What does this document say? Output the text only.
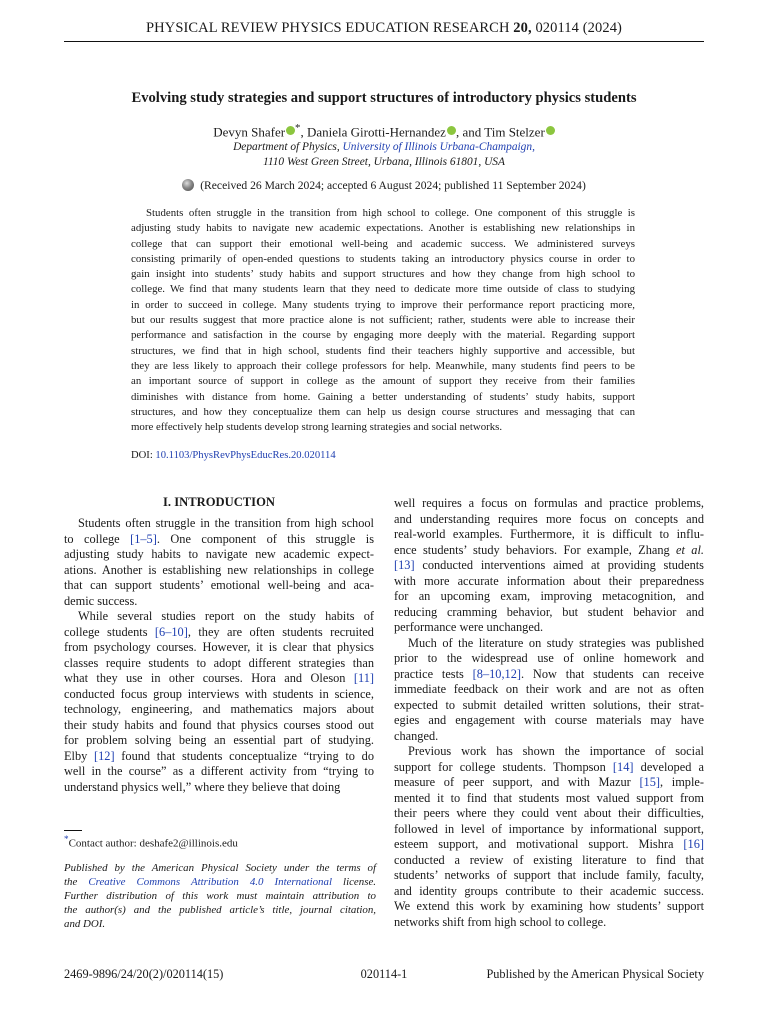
PHYSICAL REVIEW PHYSICS EDUCATION RESEARCH 20, 020114 (2024)
Evolving study strategies and support structures of introductory physics students
Devyn Shafer *, Daniela Girotti-Hernandez , and Tim Stelzer
Department of Physics, University of Illinois Urbana-Champaign,
1110 West Green Street, Urbana, Illinois 61801, USA
(Received 26 March 2024; accepted 6 August 2024; published 11 September 2024)
Students often struggle in the transition from high school to college. One component of this struggle is
adjusting study habits to navigate new academic expectations. Another is establishing new relationships in
college that can support their emotional well-being and academic success. We administered surveys
consisting primarily of open-ended questions to students taking an introductory physics course in order to
gain insight into students’ study habits and support structures and how they change from high school to
college. We find that many students learn that they need to dedicate more time outside of class to studying
in order to succeed in college. Many students trying to improve their performance report practicing more,
but our results suggest that more practice alone is not sufficient; rather, students were able to increase their
performance and satisfaction in the course by engaging more deeply with the material. Regarding support
structures, we find that in high school, students find their teachers highly supportive and accessible, but
they are less likely to approach their college professors for help. Meanwhile, many students find peers to be
an important source of support in college as the amount of support they receive from their families
diminishes with distance from home. Gaining a better understanding of students’ study habits, support
structures, and how they conceptualize them can help us design course structures and messaging that can
more effectively help students develop strong learning strategies and social networks.
DOI: 10.1103/PhysRevPhysEducRes.20.020114
I. INTRODUCTION
Students often struggle in the transition from high school
to college [1–5]. One component of this struggle is
adjusting study habits to navigate new academic expect-
ations. Another is establishing new relationships in college
that can support students’ emotional well-being and aca-
demic success.
While several studies report on the study habits of
college students [6–10], they are often students recruited
from psychology courses. However, it is clear that physics
classes require students to adopt different strategies than
what they use in other courses. Hora and Oleson [11]
conducted focus group interviews with students in science,
technology, engineering, and mathematics majors about
their study habits and found that physics courses stood out
for problem solving being an essential part of studying.
Elby [12] found that students conceptualize “trying to do
well in the course” as a different activity from “trying to
understand physics well,” where they believe that doing
well requires a focus on formulas and practice problems,
and understanding requires more focus on concepts and
real-world examples. Furthermore, it is difficult to influ-
ence students’ study behaviors. For example, Zhang et al.
[13] conducted interventions aimed at providing students
with more accurate information about their preparedness
for an upcoming exam, improving metacognition, and
reducing cramming behavior, but student behavior and
performance were unchanged.
Much of the literature on study strategies was published
prior to the widespread use of online homework and
practice tests [8–10,12]. Now that students can receive
immediate feedback on their work and are not as often
expected to submit detailed written solutions, their strat-
egies and engagement with course materials may have
changed.
Previous work has shown the importance of social
support for college students. Thompson [14] developed a
measure of peer support, and with Mazur [15], imple-
mented it to find that students most valued support from
their peers where they could vent about their difficulties,
followed in level of importance by informational support,
esteem support, and motivational support. Mishra [16]
conducted a review of existing literature to find that
students’ networks of support that include family, faculty,
and identity groups contribute to their academic success.
We extend this work by examining how students’ support
networks shift from high school to college.
*Contact author: deshafe2@illinois.edu
Published by the American Physical Society under the terms of
the Creative Commons Attribution 4.0 International license.
Further distribution of this work must maintain attribution to
the author(s) and the published article’s title, journal citation,
and DOI.
2469-9896/24/20(2)/020114(15)	020114-1	Published by the American Physical Society
